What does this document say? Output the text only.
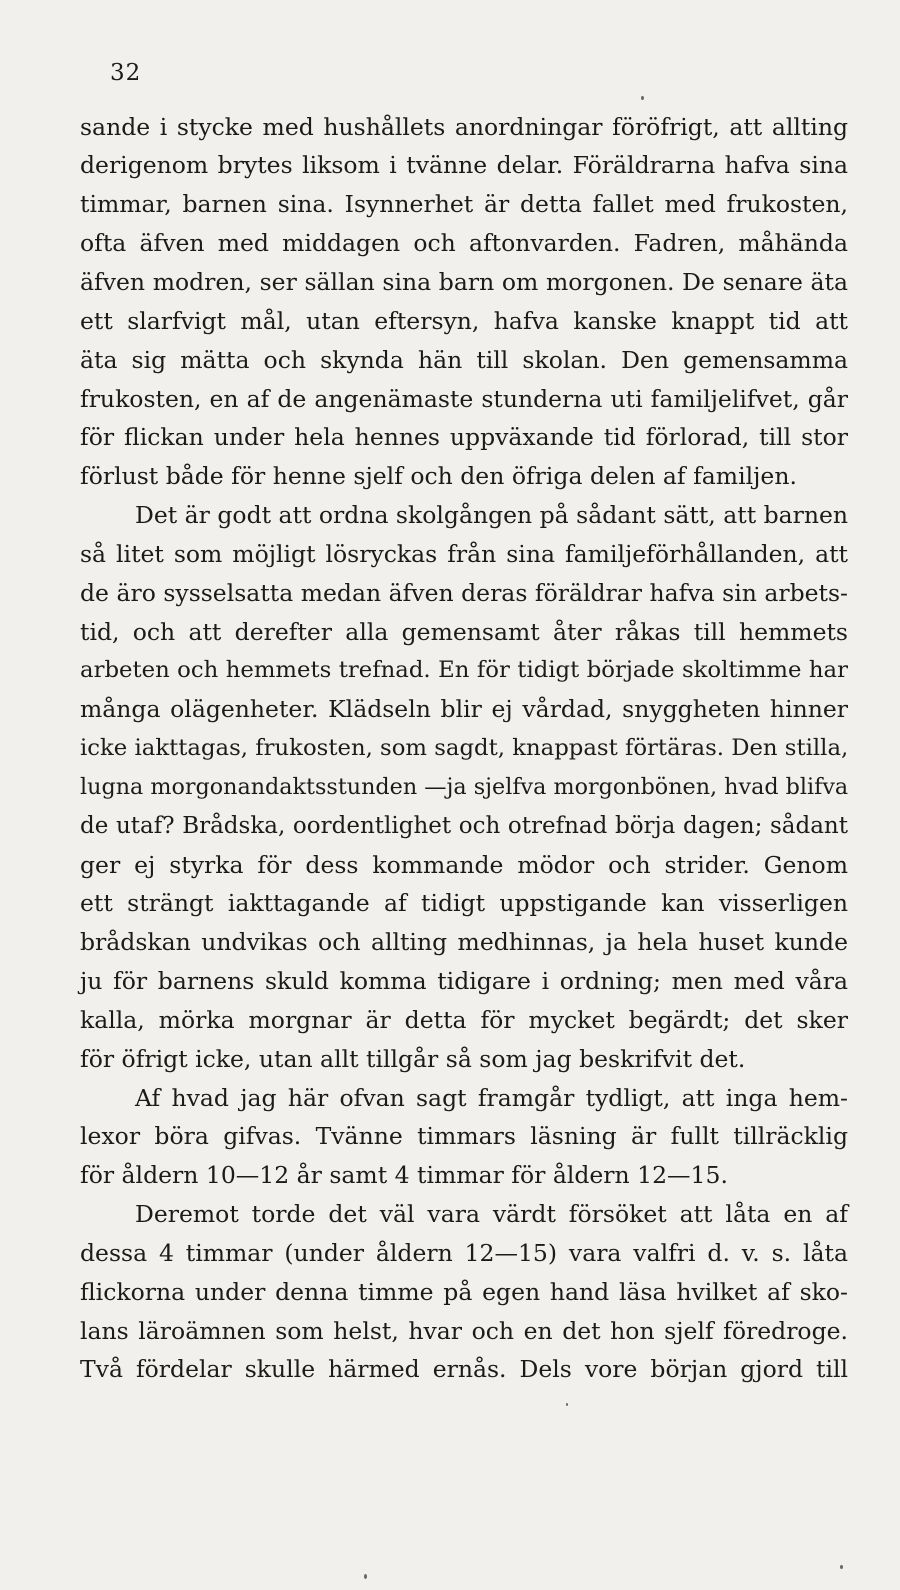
32
sande i stycke med hushållets anordningar föröfrigt, att allting
derigenom brytes liksom i tvänne delar. Föräldrarna hafva sina
timmar, barnen sina. Isynnerhet är detta fallet med frukosten,
ofta äfven med middagen och aftonvarden. Fadren, måhända
äfven modren, ser sällan sina barn om morgonen. De senare äta
ett slarfvigt mål, utan eftersyn, hafva kanske knappt tid att
äta sig mätta och skynda hän till skolan. Den gemensamma
frukosten, en af de angenämaste stunderna uti familjelifvet, går
för flickan under hela hennes uppväxande tid förlorad, till stor
förlust både för henne sjelf och den öfriga delen af familjen.
Det är godt att ordna skolgången på sådant sätt, att barnen
så litet som möjligt lösryckas från sina familjeförhållanden, att
de äro sysselsatta medan äfven deras föräldrar hafva sin arbets-
tid, och att derefter alla gemensamt åter råkas till hemmets
arbeten och hemmets trefnad. En för tidigt började skoltimme har
många olägenheter. Klädseln blir ej vårdad, snyggheten hinner
icke iakttagas, frukosten, som sagdt, knappast förtäras. Den stilla,
lugna morgonandaktsstunden —ja sjelfva morgonbönen, hvad blifva
de utaf? Brådska, oordentlighet och otrefnad börja dagen; sådant
ger ej styrka för dess kommande mödor och strider. Genom
ett strängt iakttagande af tidigt uppstigande kan visserligen
brådskan undvikas och allting medhinnas, ja hela huset kunde
ju för barnens skuld komma tidigare i ordning; men med våra
kalla, mörka morgnar är detta för mycket begärdt; det sker
för öfrigt icke, utan allt tillgår så som jag beskrifvit det.
Af hvad jag här ofvan sagt framgår tydligt, att inga hem-
lexor böra gifvas. Tvänne timmars läsning är fullt tillräcklig
för åldern 10—12 år samt 4 timmar för åldern 12—15.
Deremot torde det väl vara värdt försöket att låta en af
dessa 4 timmar (under åldern 12—15) vara valfri d. v. s. låta
flickorna under denna timme på egen hand läsa hvilket af sko-
lans läroämnen som helst, hvar och en det hon sjelf föredroge.
Två fördelar skulle härmed ernås. Dels vore början gjord till
